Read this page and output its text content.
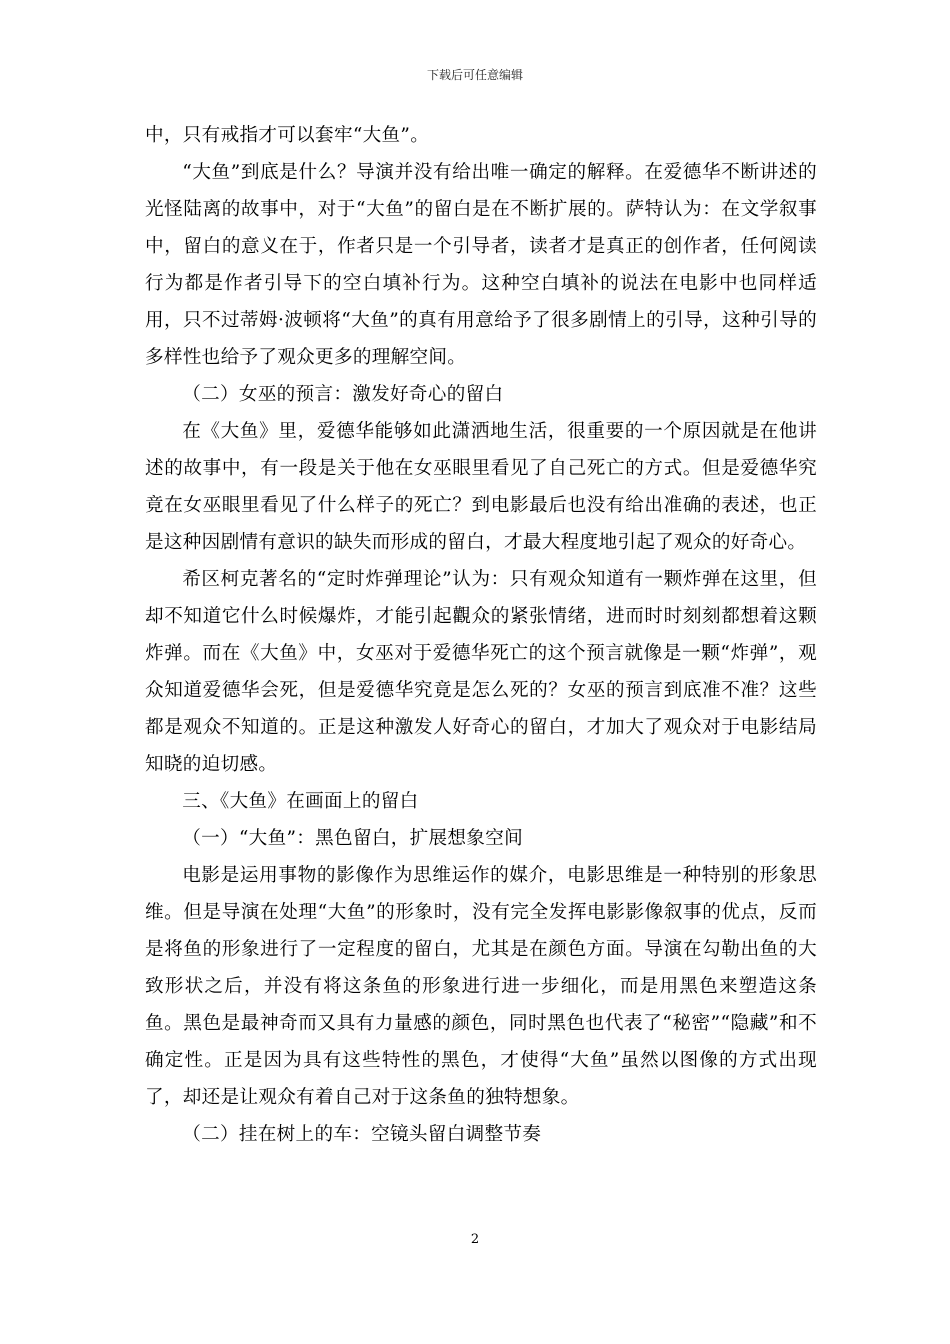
下载后可任意编辑

中，只有戒指才可以套牢“大鱼”。

“大鱼”到底是什么？导演并没有给出唯一确定的解释。在爱德华不断讲述的光怪陆离的故事中，对于“大鱼”的留白是在不断扩展的。萨特认为：在文学叙事中，留白的意义在于，作者只是一个引导者，读者才是真正的创作者，任何阅读行为都是作者引导下的空白填补行为。这种空白填补的说法在电影中也同样适用，只不过蒂姆·波顿将“大鱼”的真有用意给予了很多剧情上的引导，这种引导的多样性也给予了观众更多的理解空间。

（二）女巫的预言：激发好奇心的留白

在《大鱼》里，爱德华能够如此潇洒地生活，很重要的一个原因就是在他讲述的故事中，有一段是关于他在女巫眼里看见了自己死亡的方式。但是爱德华究竟在女巫眼里看见了什么样子的死亡？到电影最后也没有给出准确的表述，也正是这种因剧情有意识的缺失而形成的留白，才最大程度地引起了观众的好奇心。

希区柯克著名的“定时炸弹理论”认为：只有观众知道有一颗炸弹在这里，但却不知道它什么时候爆炸，才能引起觀众的紧张情绪，进而时时刻刻都想着这颗炸弹。而在《大鱼》中，女巫对于爱德华死亡的这个预言就像是一颗“炸弹”，观众知道爱德华会死，但是爱德华究竟是怎么死的？女巫的预言到底准不准？这些都是观众不知道的。正是这种激发人好奇心的留白，才加大了观众对于电影结局知晓的迫切感。

三、《大鱼》在画面上的留白

（一）“大鱼”：黑色留白，扩展想象空间

电影是运用事物的影像作为思维运作的媒介，电影思维是一种特别的形象思维。但是导演在处理“大鱼”的形象时，没有完全发挥电影影像叙事的优点，反而是将鱼的形象进行了一定程度的留白，尤其是在颜色方面。导演在勾勒出鱼的大致形状之后，并没有将这条鱼的形象进行进一步细化，而是用黑色来塑造这条鱼。黑色是最神奇而又具有力量感的颜色，同时黑色也代表了“秘密”“隐藏”和不确定性。正是因为具有这些特性的黑色，才使得“大鱼”虽然以图像的方式出现了，却还是让观众有着自己对于这条鱼的独特想象。

（二）挂在树上的车：空镜头留白调整节奏

2
